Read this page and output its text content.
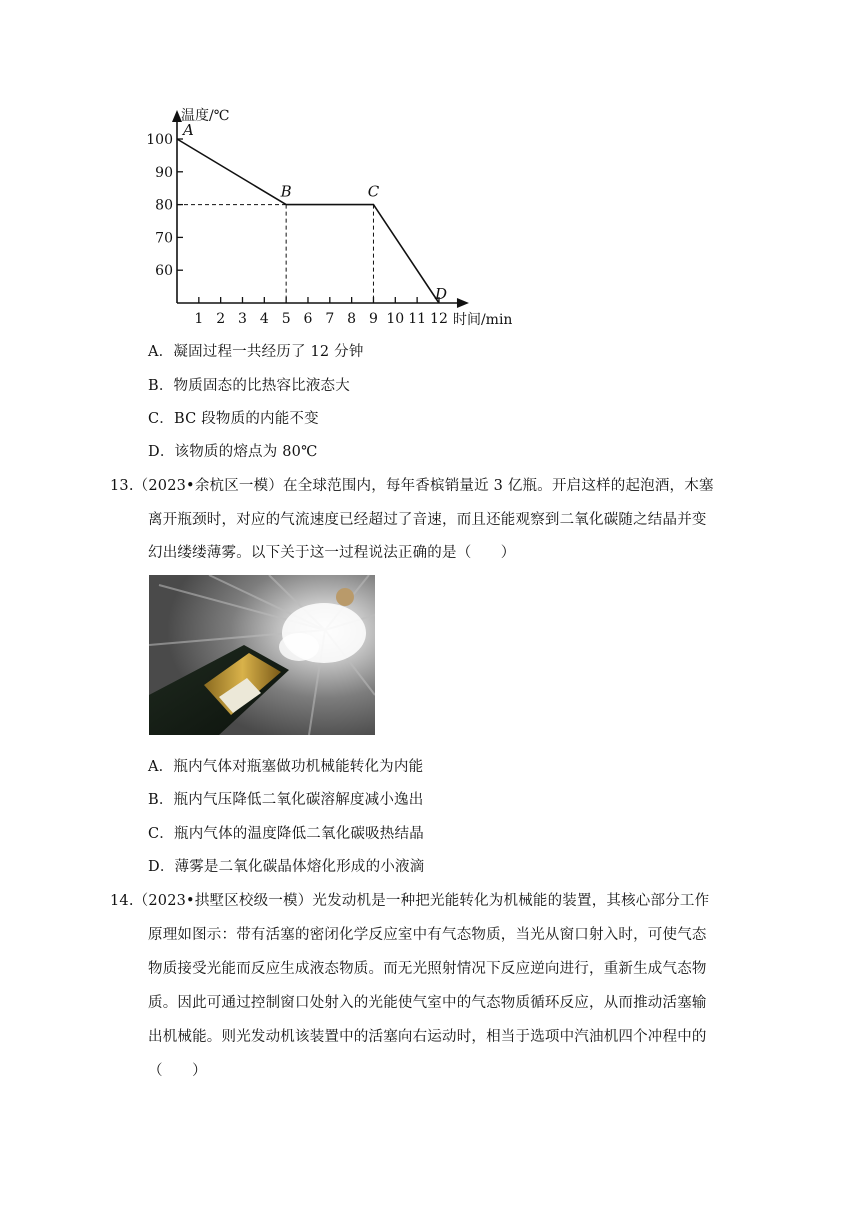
1 2 3 4 5 6 7 8 9 10 11 12
60
70
80
90
100
A
B	C
D
温度/℃
时间/min
A．凝固过程一共经历了 12 分钟
B．物质固态的比热容比液态大
C．BC 段物质的内能不变
D．该物质的熔点为 80℃
13.（2023•余杭区一模）在全球范围内，每年香槟销量近 3 亿瓶。开启这样的起泡酒，木塞
离开瓶颈时，对应的气流速度已经超过了音速，而且还能观察到二氧化碳随之结晶并变
幻出缕缕薄雾。以下关于这一过程说法正确的是（　　）
A．瓶内气体对瓶塞做功机械能转化为内能
B．瓶内气压降低二氧化碳溶解度减小逸出
C．瓶内气体的温度降低二氧化碳吸热结晶
D．薄雾是二氧化碳晶体熔化形成的小液滴
14.（2023•拱墅区校级一模）光发动机是一种把光能转化为机械能的装置，其核心部分工作
原理如图示：带有活塞的密闭化学反应室中有气态物质，当光从窗口射入时，可使气态
物质接受光能而反应生成液态物质。而无光照射情况下反应逆向进行，重新生成气态物
质。因此可通过控制窗口处射入的光能使气室中的气态物质循环反应，从而推动活塞输
出机械能。则光发动机该装置中的活塞向右运动时，相当于选项中汽油机四个冲程中的
（　　）
